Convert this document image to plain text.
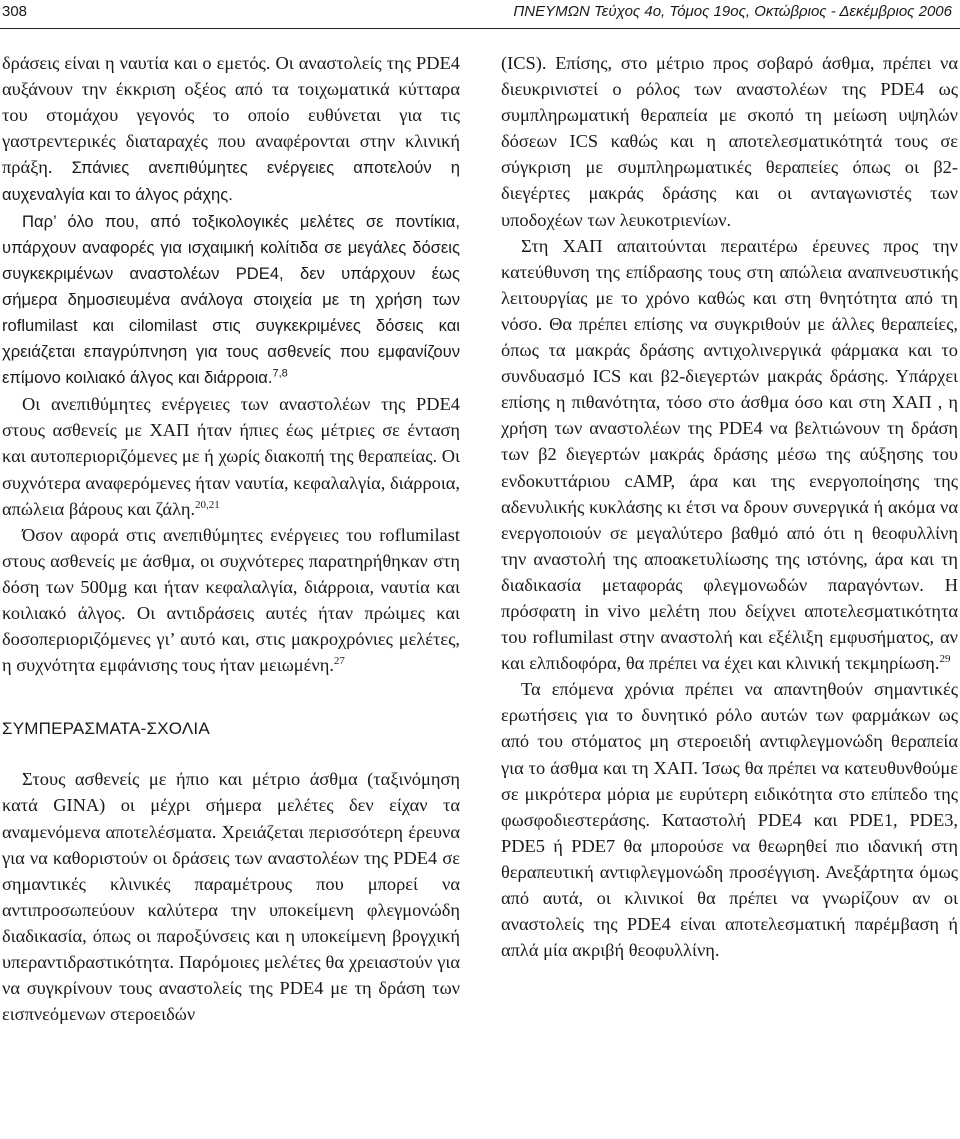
308	ΠΝΕΥΜΩΝ Τεύχος 4ο, Τόμος 19ος, Οκτώβριος - Δεκέμβριος 2006

δράσεις είναι η ναυτία και ο εμετός. Οι αναστολείς της PDE4 αυξάνουν την έκκριση οξέος από τα τοιχωματικά κύτταρα του στομάχου γεγονός το οποίο ευθύνεται για τις γαστρεντερικές διαταραχές που αναφέρονται στην κλινική πράξη. Σπάνιες ανεπιθύμητες ενέργειες αποτελούν η αυχεναλγία και το άλγος ράχης.

Παρ’ όλο που, από τοξικολογικές μελέτες σε ποντίκια, υπάρχουν αναφορές για ισχαιμική κολίτιδα σε μεγάλες δόσεις συγκεκριμένων αναστολέων PDE4, δεν υπάρχουν έως σήμερα δημοσιευμένα ανάλογα στοιχεία με τη χρήση των roflumilast και cilomilast στις συγκεκριμένες δόσεις και χρειάζεται επαγρύπνηση για τους ασθενείς που εμφανίζουν επίμονο κοιλιακό άλγος και διάρροια.$^{7,8}$

Οι ανεπιθύμητες ενέργειες των αναστολέων της PDE4 στους ασθενείς με ΧΑΠ ήταν ήπιες έως μέτριες σε ένταση και αυτοπεριοριζόμενες με ή χωρίς διακοπή της θεραπείας. Οι συχνότερα αναφερόμενες ήταν ναυτία, κεφαλαλγία, διάρροια, απώλεια βάρους και ζάλη.$^{20,21}$

Όσον αφορά στις ανεπιθύμητες ενέργειες του roflumilast στους ασθενείς με άσθμα, οι συχνότερες παρατηρήθηκαν στη δόση των 500μg και ήταν κεφαλαλγία, διάρροια, ναυτία και κοιλιακό άλγος. Οι αντιδράσεις αυτές ήταν πρώιμες και δοσοπεριοριζόμενες γι’ αυτό και, στις μακροχρόνιες μελέτες, η συχνότητα εμφάνισης τους ήταν μειωμένη.$^{27}$

ΣΥΜΠΕΡΑΣΜΑΤΑ-ΣΧΟΛΙΑ

Στους ασθενείς με ήπιο και μέτριο άσθμα (ταξινόμηση κατά GINA) οι μέχρι σήμερα μελέτες δεν είχαν τα αναμενόμενα αποτελέσματα. Χρειάζεται περισσότερη έρευνα για να καθοριστούν οι δράσεις των αναστολέων της PDE4 σε σημαντικές κλινικές παραμέτρους που μπορεί να αντιπροσωπεύουν καλύτερα την υποκείμενη φλεγμονώδη διαδικασία, όπως οι παροξύνσεις και η υποκείμενη βρογχική υπεραντιδραστικότητα. Παρόμοιες μελέτες θα χρειαστούν για να συγκρίνουν τους αναστολείς της PDE4 με τη δράση των εισπνεόμενων στεροειδών

(ICS). Επίσης, στο μέτριο προς σοβαρό άσθμα, πρέπει να διευκρινιστεί ο ρόλος των αναστολέων της PDE4 ως συμπληρωματική θεραπεία με σκοπό τη μείωση υψηλών δόσεων ICS καθώς και η αποτελεσματικότητά τους σε σύγκριση με συμπληρωματικές θεραπείες όπως οι β2-διεγέρτες μακράς δράσης και οι ανταγωνιστές των υποδοχέων των λευκοτριενίων.

Στη ΧΑΠ απαιτούνται περαιτέρω έρευνες προς την κατεύθυνση της επίδρασης τους στη απώλεια αναπνευστικής λειτουργίας με το χρόνο καθώς και στη θνητότητα από τη νόσο. Θα πρέπει επίσης να συγκριθούν με άλλες θεραπείες, όπως τα μακράς δράσης αντιχολινεργικά φάρμακα και το συνδυασμό ICS και β2-διεγερτών μακράς δράσης. Υπάρχει επίσης η πιθανότητα, τόσο στο άσθμα όσο και στη ΧΑΠ , η χρήση των αναστολέων της PDE4 να βελτιώνουν τη δράση των β2 διεγερτών μακράς δράσης μέσω της αύξησης του ενδοκυττάριου cAMP, άρα και της ενεργοποίησης της αδενυλικής κυκλάσης κι έτσι να δρουν συνεργικά ή ακόμα να ενεργοποιούν σε μεγαλύτερο βαθμό από ότι η θεοφυλλίνη την αναστολή της αποακετυλίωσης της ιστόνης, άρα και τη διαδικασία μεταφοράς φλεγμονωδών παραγόντων. Η πρόσφατη in vivo μελέτη που δείχνει αποτελεσματικότητα του roflumilast στην αναστολή και εξέλιξη εμφυσήματος, αν και ελπιδοφόρα, θα πρέπει να έχει και κλινική τεκμηρίωση.$^{29}$

Τα επόμενα χρόνια πρέπει να απαντηθούν σημαντικές ερωτήσεις για το δυνητικό ρόλο αυτών των φαρμάκων ως από του στόματος μη στεροειδή αντιφλεγμονώδη θεραπεία για το άσθμα και τη ΧΑΠ. Ίσως θα πρέπει να κατευθυνθούμε σε μικρότερα μόρια με ευρύτερη ειδικότητα στο επίπεδο της φωσφοδιεστεράσης. Καταστολή PDE4 και PDE1, PDE3, PDE5 ή PDE7 θα μπορούσε να θεωρηθεί πιο ιδανική στη θεραπευτική αντιφλεγμονώδη προσέγγιση. Ανεξάρτητα όμως από αυτά, οι κλινικοί θα πρέπει να γνωρίζουν αν οι αναστολείς της PDE4 είναι αποτελεσματική παρέμβαση ή απλά μία ακριβή θεοφυλλίνη.
